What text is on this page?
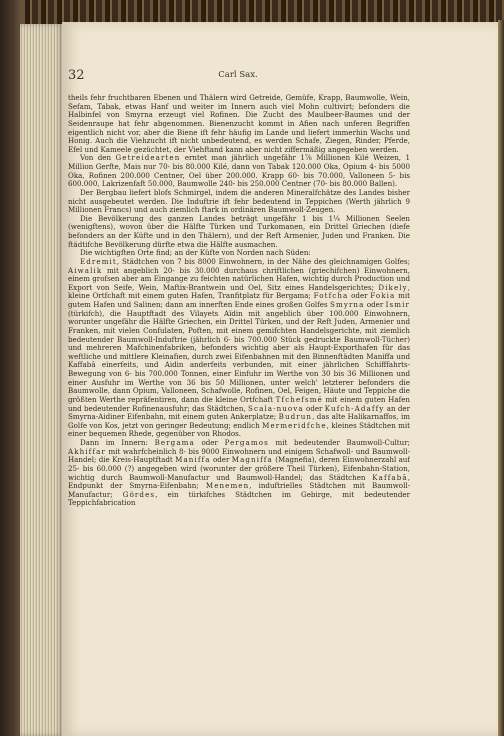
32	Carl Sax.

theils fehr fruchtbaren Ebenen und Thälern wird Getreide, Gemüfe, Krapp, Baumwolle, Wein, Sefam, Tabak, etwas Hanf und weiter im Innern auch viel Mohn cultivirt; befonders die Halbinfel von Smyrna erzeugt viel Rofinen. Die Zucht des Maulbeer-Baumes und der Seidenraupe hat fehr abgenommen. Bienenzucht kommt in Afien nach unferen Begriffen eigentlich nicht vor, aber die Biene ift fehr häufig im Lande und liefert immerhin Wachs und Honig. Auch die Viehzucht ift nicht unbedeutend, es werden Schafe, Ziegen, Rinder, Pferde, Efel und Kameele gezüchtet, der Viehftand kann aber nicht ziffermäßig angegeben werden.

Von den Getreidearten erntet man jährlich ungefähr 1⅞ Millionen Kilé Weizen, 1 Million Gerfte, Mais nur 70- bis 80.000 Kilé, dann von Tabak 120.000 Oka, Opium 4- bis 5000 Oka, Rofinen 200.000 Centner, Oel über 200.000. Krapp 60- bis 70.000, Valloneen 5- bis 600.000, Lakrizenfaft 50.000, Baumwolle 240- bis 250.000 Centner (70- bis 80.000 Ballen).

Der Bergbau liefert blofs Schmirgel, indem die anderen Mineralfchätze des Landes bisher nicht ausgebeutet werden. Die Induftrie ift fehr bedeutend in Teppichen (Werth jährlich 9 Millionen Francs) und auch ziemlich ftark in ordinären Baumwoll-Zeugen.

Die Bevölkerung des ganzen Landes beträgt ungefähr 1 bis 1¼ Millionen Seelen (wenigftens), wovon über die Hälfte Türken und Turkomanen, ein Drittel Griechen (diefe befonders an der Küfte und in den Thälern), und der Reft Armenier, Juden und Franken. Die ftädtifche Bevölkerung dürfte etwa die Hälfte ausmachen.

Die wichtigften Orte find; an der Küfte von Norden nach Süden:

Edremit, Städtchen von 7 bis 8000 Einwohnern, in der Nähe des gleichnamigen Golfes; Aiwalik mit angeblich 20- bis 30.000 durchaus chriftlichen (griechifchen) Einwohnern, einem grofsen aber am Eingange zu feichten natürlichen Hafen, wichtig durch Production und Export von Seife, Wein, Maftix-Brantwein und Oel, Sitz eines Handelsgerichtes; Dikely, kleine Ortfchaft mit einem guten Hafen, Tranfitplatz für Bergama; Fotfcha oder Fokia mit gutem Hafen und Salinen; dann am innerften Ende eines großen Golfes Smyrna oder Ismir (türkifch), die Hauptftadt des Vilayets Aïdin mit angeblich über 100.000 Einwohnern, worunter ungefähr die Hälfte Griechen, ein Drittel Türken, und der Reft Juden, Armenier und Franken, mit vielen Confulaten, Poften, mit einem gemifchten Handelsgerichte, mit ziemlich bedeutender Baumwoll-Induftrie (jährlich 6- bis 700.000 Stück gedruckte Baumwoll-Tücher) und mehreren Mafchinenfabriken, befonders wichtig aber als Haupt-Exporthafen für das weftliche und mittlere Kleinafien, durch zwei Eifenbahnen mit den Binnenftädten Maniffa und Kaffabâ einerfeits, und Aidin anderfeits verbunden, mit einer jährlichen Schifffahrts-Bewegung von 6- bis 700.000 Tonnen, einer Einfuhr im Werthe von 30 bis 36 Millionen und einer Ausfuhr im Werthe von 36 bis 50 Millionen, unter welch' letzterer befonders die Baumwolle, dann Opium, Valloneen, Schafwolle, Rofinen, Oel, Feigen, Häute und Teppiche die größten Werthe repräfentiren, dann die kleine Ortfchaft Tfchefsmé mit einem guten Hafen und bedeutender Rofinenausfuhr; das Städtchen, Scala-nuova oder Kufch-Adaffy an der Smyrna-Aidiner Eifenbahn, mit einem guten Ankerplatze; Budrun, das alte Halikarnaffos, im Golfe von Kos, jetzt von geringer Bedeutung; endlich Mermeridfche, kleines Städtchen mit einer bequemen Rhede, gegenüber von Rhodos.

Dann im Innern: Bergama oder Pergamos mit bedeutender Baumwoll-Cultur; Akhiffar mit wahrfcheinlich 8- bis 9000 Einwohnern und einigem Schafwoll- und Baumwoll-Handel; die Kreis-Hauptftadt Maniffa oder Magniffa (Magnefia), deren Einwohnerzahl auf 25- bis 60.000 (?) angegeben wird (worunter der größere Theil Türken), Eifenbahn-Station, wichtig durch Baumwoll-Manufactur und Baumwoll-Handel; das Städtchen Kaffabâ, Endpunkt der Smyrna-Eifenbahn; Menemen, induftrielles Städtchen mit Baumwoll-Manufactur; Gördes, ein türkifches Städtchen im Gebirge, mit bedeutender Teppichfabrication
